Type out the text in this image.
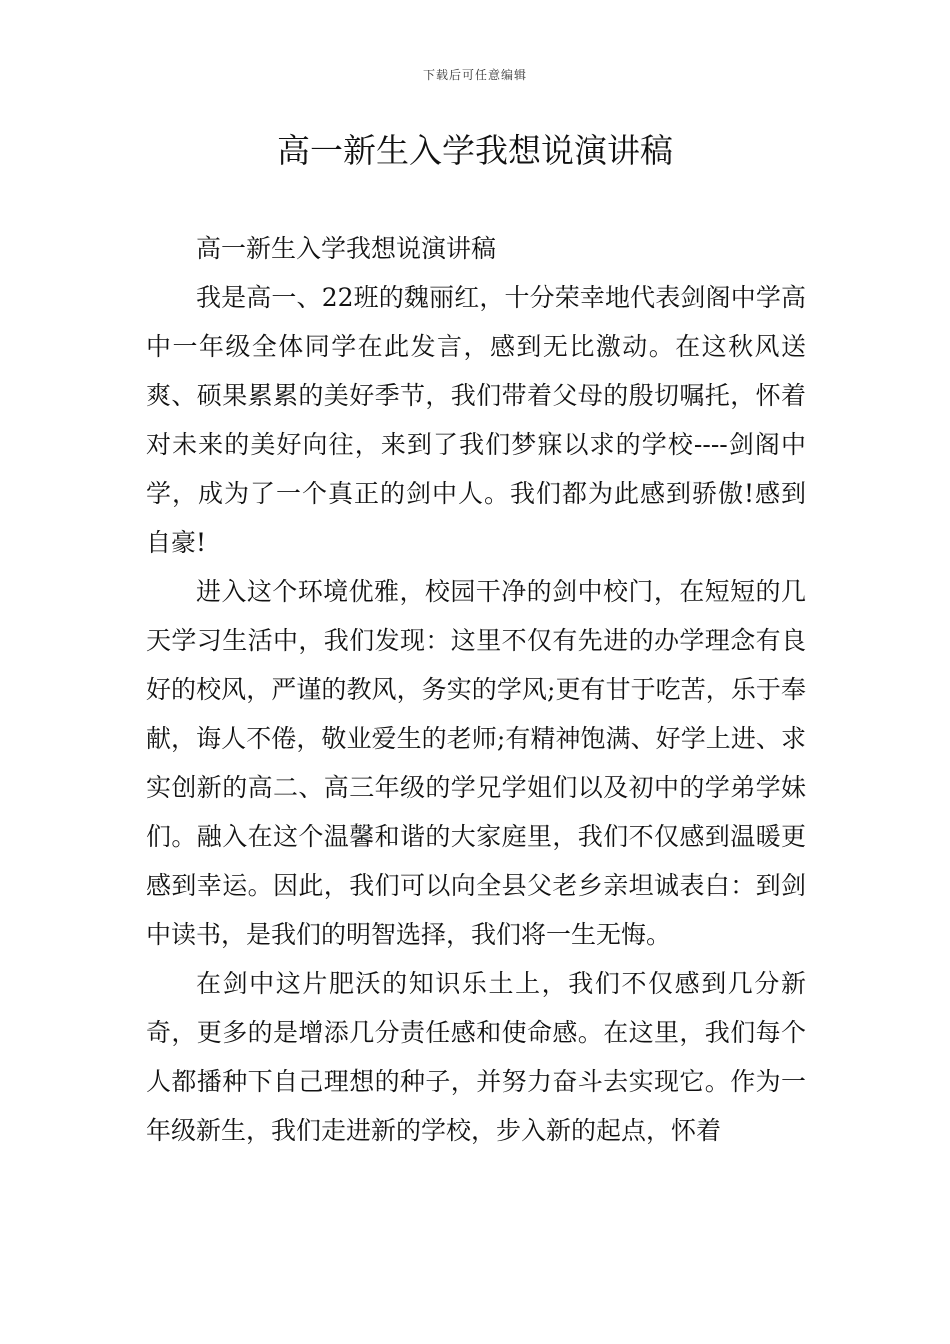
下载后可任意编辑
高一新生入学我想说演讲稿

高一新生入学我想说演讲稿

我是高一、22班的魏丽红，十分荣幸地代表剑阁中学高中一年级全体同学在此发言，感到无比激动。在这秋风送爽、硕果累累的美好季节，我们带着父母的殷切嘱托，怀着对未来的美好向往，来到了我们梦寐以求的学校----剑阁中学，成为了一个真正的剑中人。我们都为此感到骄傲!感到自豪!

进入这个环境优雅，校园干净的剑中校门，在短短的几天学习生活中，我们发现：这里不仅有先进的办学理念有良好的校风，严谨的教风，务实的学风;更有甘于吃苦，乐于奉献，诲人不倦，敬业爱生的老师;有精神饱满、好学上进、求实创新的高二、高三年级的学兄学姐们以及初中的学弟学妹们。融入在这个温馨和谐的大家庭里，我们不仅感到温暖更感到幸运。因此，我们可以向全县父老乡亲坦诚表白：到剑中读书，是我们的明智选择，我们将一生无悔。

在剑中这片肥沃的知识乐土上，我们不仅感到几分新奇，更多的是增添几分责任感和使命感。在这里，我们每个人都播种下自己理想的种子，并努力奋斗去实现它。作为一年级新生，我们走进新的学校，步入新的起点，怀着
